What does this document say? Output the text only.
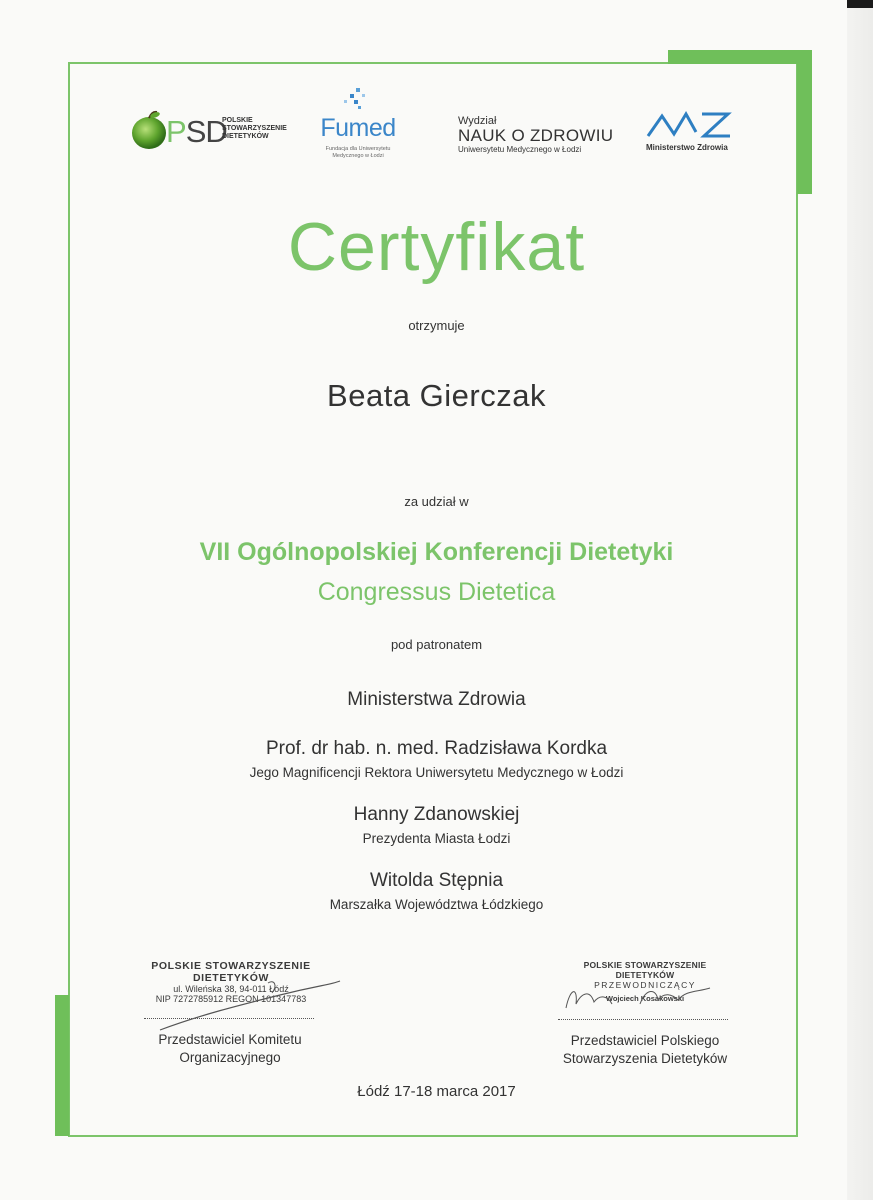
PSD
POLSKIE STOWARZYSZENIE DIETETYKÓW	Fumed
Fundacja dla Uniwersytetu Medycznego w Łodzi
Wydział
NAUK O ZDROWIU
Uniwersytetu Medycznego w Łodzi	Ministerstwo Zdrowia
Certyfikat
otrzymuje
Beata Gierczak
za udział w
VII Ogólnopolskiej Konferencji Dietetyki
Congressus Dietetica
pod patronatem
Ministerstwa Zdrowia
Prof. dr hab. n. med. Radzisława Kordka
Jego Magnificencji Rektora Uniwersytetu Medycznego w Łodzi
Hanny Zdanowskiej
Prezydenta Miasta Łodzi
Witolda Stępnia
Marszałka Województwa Łódzkiego
POLSKIE STOWARZYSZENIE
DIETETYKÓW
ul. Wileńska 38, 94-011 Łódź
NIP 7272785912 REGON 101347783
Przedstawiciel Komitetu
Organizacyjnego
POLSKIE STOWARZYSZENIE
DIETETYKÓW
PRZEWODNICZĄCY
Wojciech Kosakowski
Przedstawiciel Polskiego
Stowarzyszenia Dietetyków
Łódź 17-18 marca 2017
